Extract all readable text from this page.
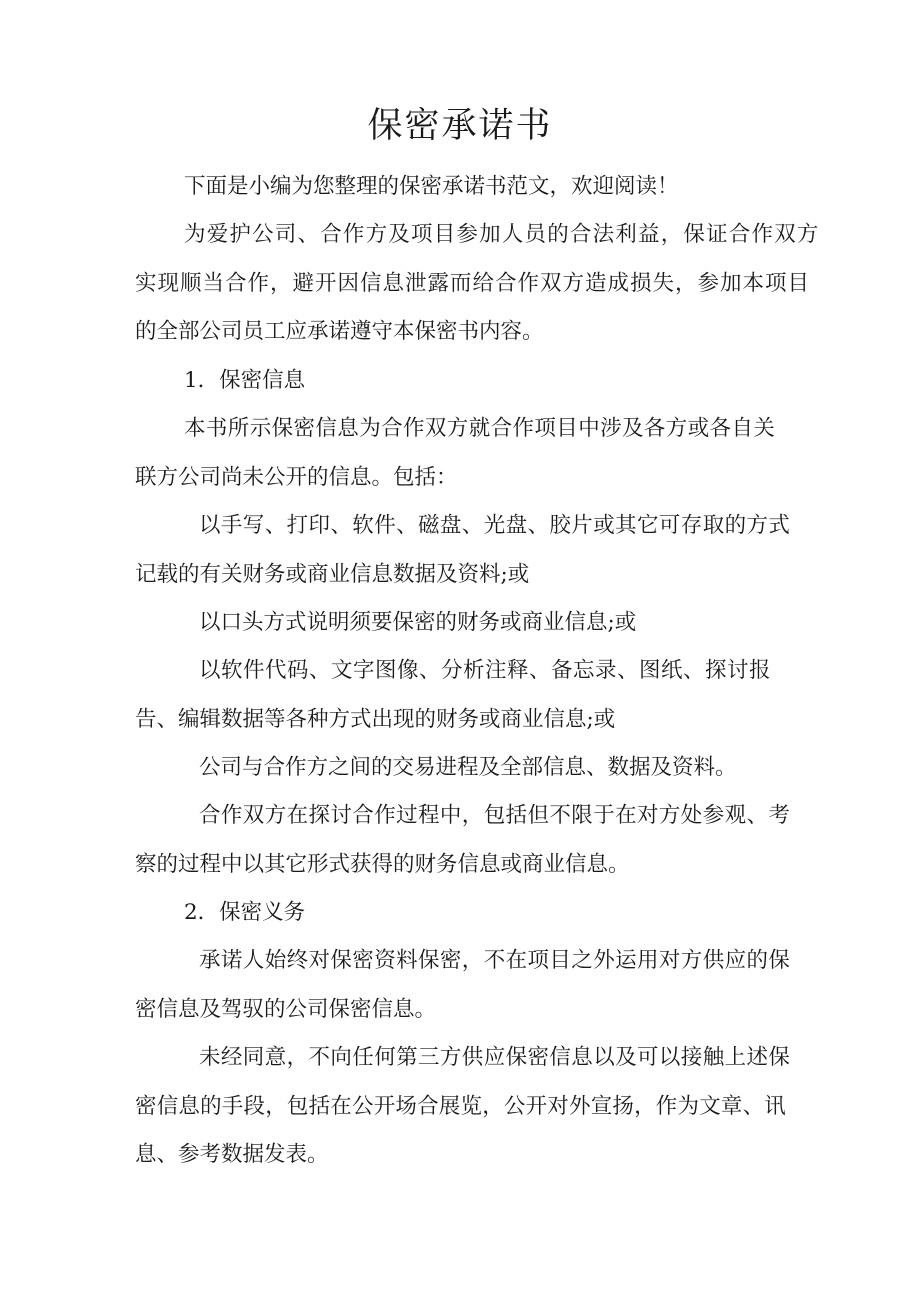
保密承诺书

下面是小编为您整理的保密承诺书范文，欢迎阅读！

为爱护公司、合作方及项目参加人员的合法利益，保证合作双方

实现顺当合作，避开因信息泄露而给合作双方造成损失，参加本项目

的全部公司员工应承诺遵守本保密书内容。

1．保密信息

本书所示保密信息为合作双方就合作项目中涉及各方或各自关

联方公司尚未公开的信息。包括：

以手写、打印、软件、磁盘、光盘、胶片或其它可存取的方式

记载的有关财务或商业信息数据及资料;或

以口头方式说明须要保密的财务或商业信息;或

以软件代码、文字图像、分析注释、备忘录、图纸、探讨报

告、编辑数据等各种方式出现的财务或商业信息;或

公司与合作方之间的交易进程及全部信息、数据及资料。

合作双方在探讨合作过程中，包括但不限于在对方处参观、考

察的过程中以其它形式获得的财务信息或商业信息。

2．保密义务

承诺人始终对保密资料保密，不在项目之外运用对方供应的保

密信息及驾驭的公司保密信息。

未经同意，不向任何第三方供应保密信息以及可以接触上述保

密信息的手段，包括在公开场合展览，公开对外宣扬，作为文章、讯

息、参考数据发表。
